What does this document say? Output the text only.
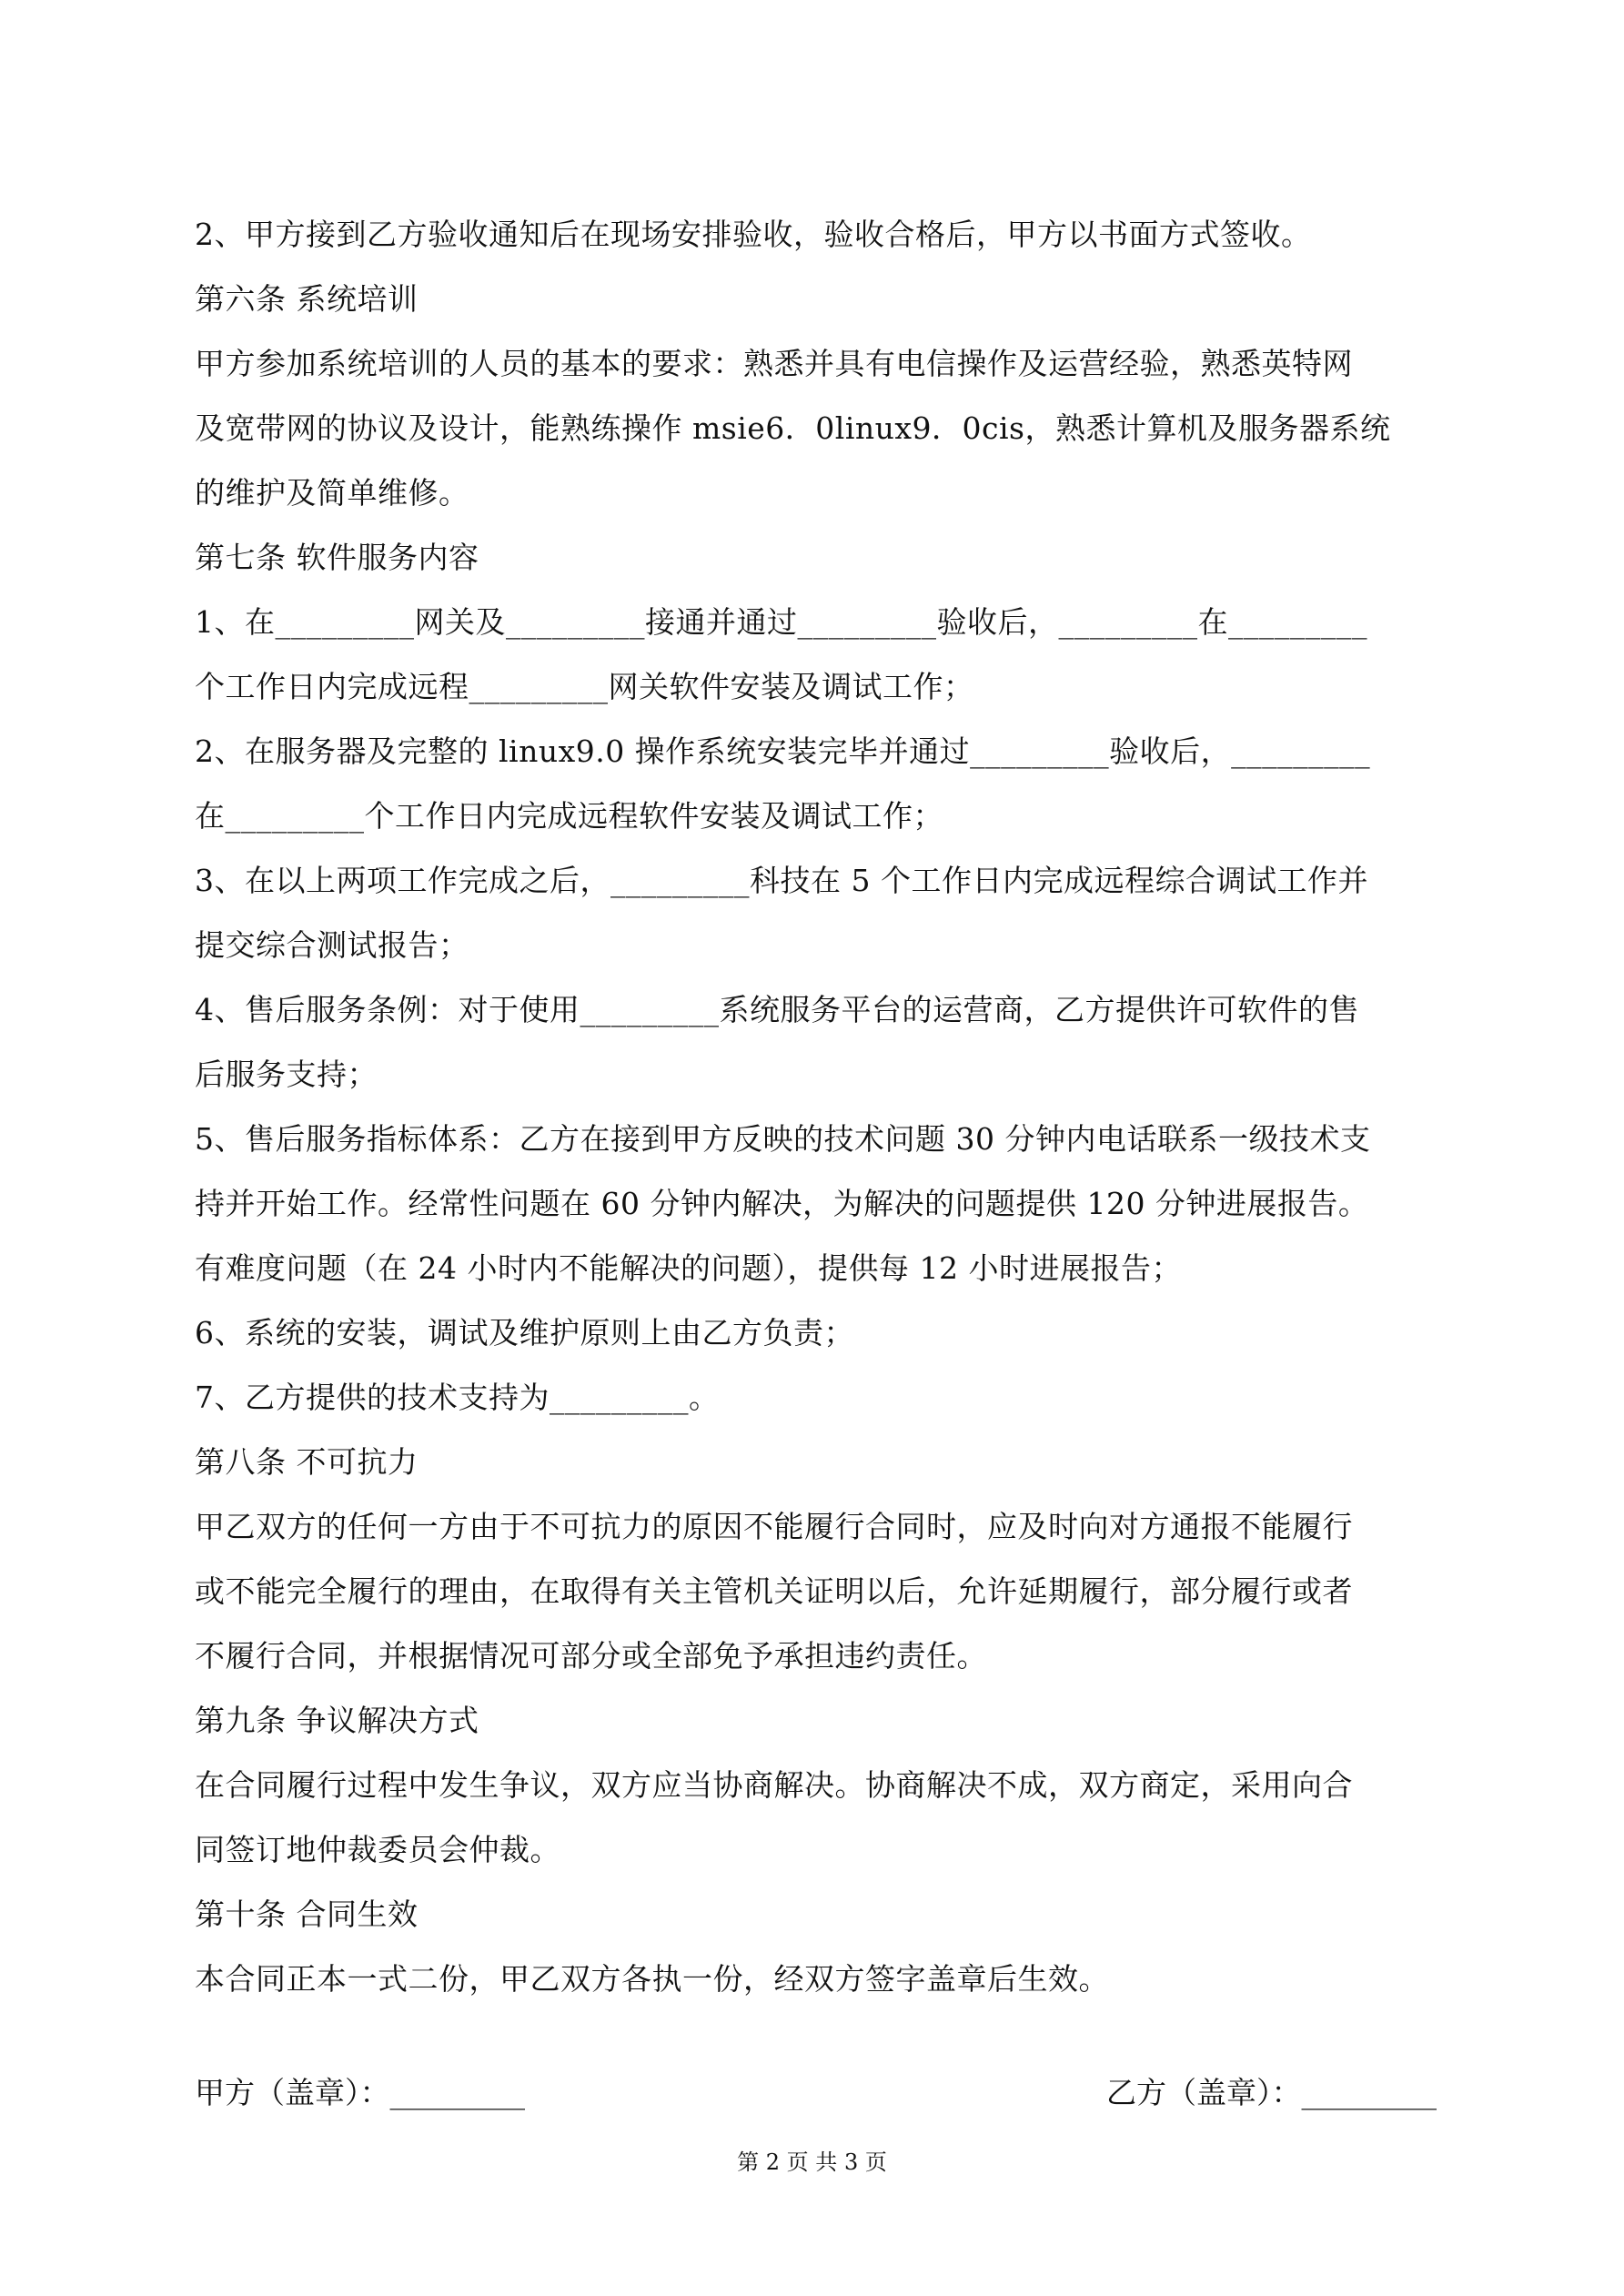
2、甲方接到乙方验收通知后在现场安排验收，验收合格后，甲方以书面方式签收。
第六条 系统培训
甲方参加系统培训的人员的基本的要求：熟悉并具有电信操作及运营经验，熟悉英特网
及宽带网的协议及设计，能熟练操作 msie6．0linux9．0cis，熟悉计算机及服务器系统
的维护及简单维修。
第七条 软件服务内容
1、在_________网关及_________接通并通过_________验收后，_________在_________
个工作日内完成远程_________网关软件安装及调试工作；
2、在服务器及完整的 linux9.0 操作系统安装完毕并通过_________验收后，_________
在_________个工作日内完成远程软件安装及调试工作；
3、在以上两项工作完成之后，_________科技在 5 个工作日内完成远程综合调试工作并
提交综合测试报告；
4、售后服务条例：对于使用_________系统服务平台的运营商，乙方提供许可软件的售
后服务支持；
5、售后服务指标体系：乙方在接到甲方反映的技术问题 30 分钟内电话联系一级技术支
持并开始工作。经常性问题在 60 分钟内解决，为解决的问题提供 120 分钟进展报告。
有难度问题（在 24 小时内不能解决的问题），提供每 12 小时进展报告；
6、系统的安装，调试及维护原则上由乙方负责；
7、乙方提供的技术支持为_________。
第八条 不可抗力
甲乙双方的任何一方由于不可抗力的原因不能履行合同时，应及时向对方通报不能履行
或不能完全履行的理由，在取得有关主管机关证明以后，允许延期履行，部分履行或者
不履行合同，并根据情况可部分或全部免予承担违约责任。
第九条 争议解决方式
在合同履行过程中发生争议，双方应当协商解决。协商解决不成，双方商定，采用向合
同签订地仲裁委员会仲裁。
第十条 合同生效
本合同正本一式二份，甲乙双方各执一份，经双方签字盖章后生效。
甲方（盖章）：_________	乙方（盖章）：_________
第 2 页 共 3 页
